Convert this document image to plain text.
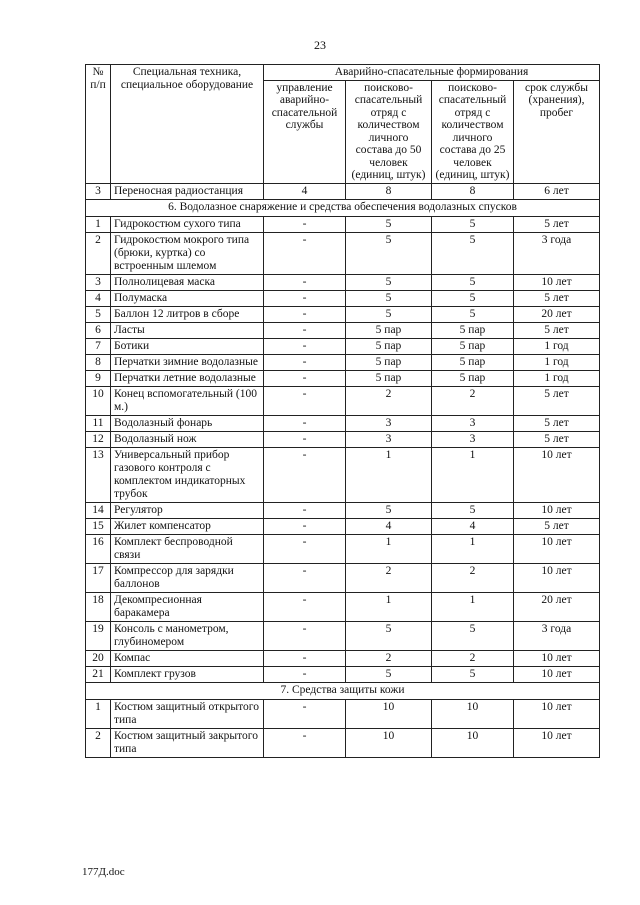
23
№ п/п	Специальная техника, специальное оборудование	Аварийно-спасательные формирования			
		управление аварийно-спасательной службы	поисково-спасательный отряд с количеством личного состава до 50 человек (единиц, штук)	поисково-спасательный отряд с количеством личного состава до 25 человек (единиц, штук)	срок службы (хранения), пробег
3	Переносная радиостанция	4	8	8	6 лет
6. Водолазное снаряжение и средства обеспечения водолазных спусков					
1	Гидрокостюм сухого типа	-	5	5	5 лет
2	Гидрокостюм мокрого типа (брюки, куртка) со встроенным шлемом	-	5	5	3 года
3	Полнолицевая маска	-	5	5	10 лет
4	Полумаска	-	5	5	5 лет
5	Баллон 12 литров в сборе	-	5	5	20 лет
6	Ласты	-	5 пар	5 пар	5 лет
7	Ботики	-	5 пар	5 пар	1 год
8	Перчатки зимние водолазные	-	5 пар	5 пар	1 год
9	Перчатки летние водолазные	-	5 пар	5 пар	1 год
10	Конец вспомогательный (100 м.)	-	2	2	5 лет
11	Водолазный фонарь	-	3	3	5 лет
12	Водолазный нож	-	3	3	5 лет
13	Универсальный прибор газового контроля с комплектом индикаторных трубок	-	1	1	10 лет
14	Регулятор	-	5	5	10 лет
15	Жилет компенсатор	-	4	4	5 лет
16	Комплект беспроводной связи	-	1	1	10 лет
17	Компрессор для зарядки баллонов	-	2	2	10 лет
18	Декомпресионная баракамера	-	1	1	20 лет
19	Консоль с манометром, глубиномером	-	5	5	3 года
20	Компас	-	2	2	10 лет
21	Комплект грузов	-	5	5	10 лет
7. Средства защиты кожи					
1	Костюм защитный открытого типа	-	10	10	10 лет
2	Костюм защитный закрытого типа	-	10	10	10 лет
177Д.doc
